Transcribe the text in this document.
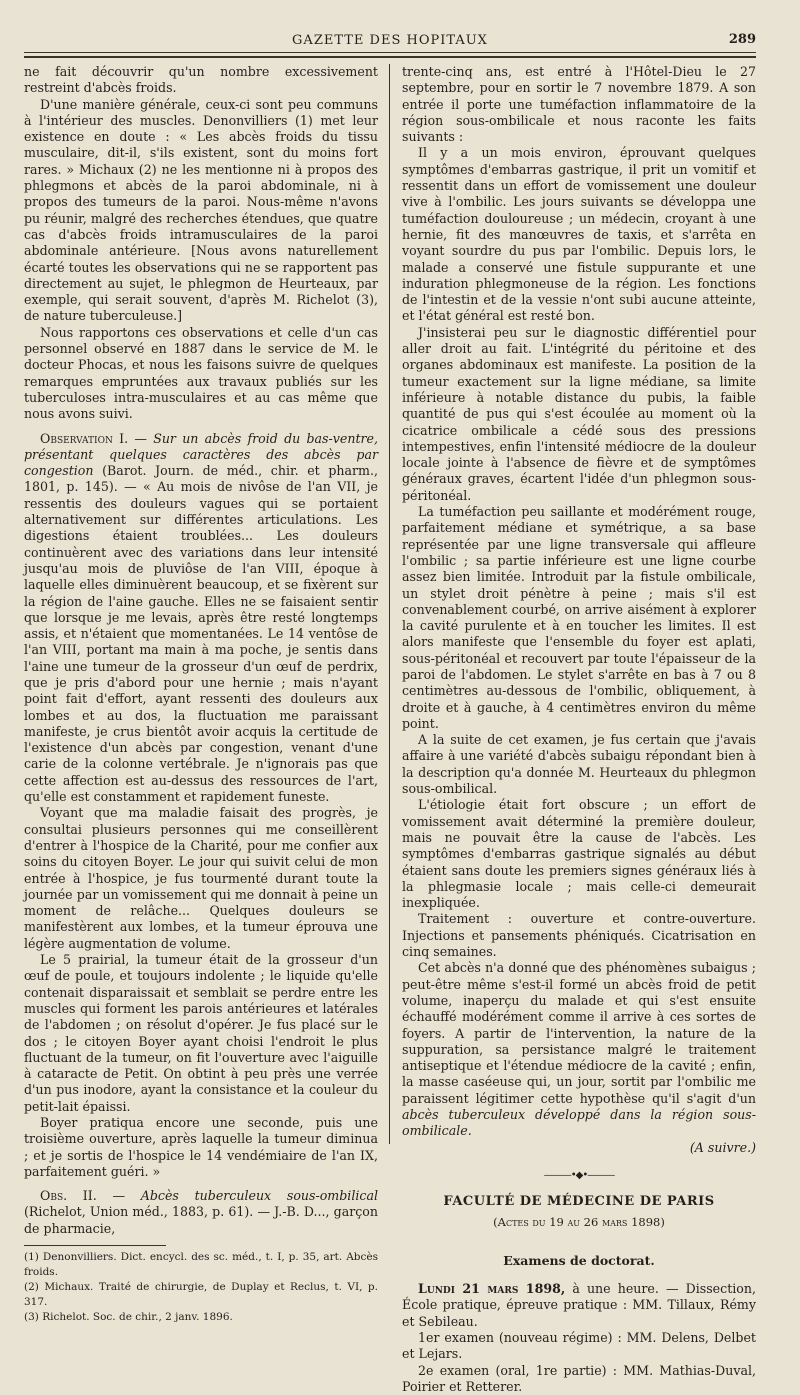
GAZETTE DES HOPITAUX	289

ne fait découvrir qu'un nombre excessivement restreint d'abcès froids.

D'une manière générale, ceux-ci sont peu communs à l'intérieur des muscles. Denonvilliers (1) met leur existence en doute : « Les abcès froids du tissu musculaire, dit-il, s'ils existent, sont du moins fort rares. » Michaux (2) ne les mentionne ni à propos des phlegmons et abcès de la paroi abdominale, ni à propos des tumeurs de la paroi. Nous-même n'avons pu réunir, malgré des recherches étendues, que quatre cas d'abcès froids intramusculaires de la paroi abdominale antérieure. [Nous avons naturellement écarté toutes les observations qui ne se rapportent pas directement au sujet, le phlegmon de Heurteaux, par exemple, qui serait souvent, d'après M. Richelot (3), de nature tuberculeuse.]

Nous rapportons ces observations et celle d'un cas personnel observé en 1887 dans le service de M. le docteur Phocas, et nous les faisons suivre de quelques remarques empruntées aux travaux publiés sur les tuberculoses intra-musculaires et au cas même que nous avons suivi.

Observation I. — Sur un abcès froid du bas-ventre, présentant quelques caractères des abcès par congestion (Barot. Journ. de méd., chir. et pharm., 1801, p. 145). — « Au mois de nivôse de l'an VII, je ressentis des douleurs vagues qui se portaient alternativement sur différentes articulations. Les digestions étaient troublées... Les douleurs continuèrent avec des variations dans leur intensité jusqu'au mois de pluviôse de l'an VIII, époque à laquelle elles diminuèrent beaucoup, et se fixèrent sur la région de l'aine gauche. Elles ne se faisaient sentir que lorsque je me levais, après être resté longtemps assis, et n'étaient que momentanées. Le 14 ventôse de l'an VIII, portant ma main à ma poche, je sentis dans l'aine une tumeur de la grosseur d'un œuf de perdrix, que je pris d'abord pour une hernie ; mais n'ayant point fait d'effort, ayant ressenti des douleurs aux lombes et au dos, la fluctuation me paraissant manifeste, je crus bientôt avoir acquis la certitude de l'existence d'un abcès par congestion, venant d'une carie de la colonne vertébrale. Je n'ignorais pas que cette affection est au-dessus des ressources de l'art, qu'elle est constamment et rapidement funeste.

Voyant que ma maladie faisait des progrès, je consultai plusieurs personnes qui me conseillèrent d'entrer à l'hospice de la Charité, pour me confier aux soins du citoyen Boyer. Le jour qui suivit celui de mon entrée à l'hospice, je fus tourmenté durant toute la journée par un vomissement qui me donnait à peine un moment de relâche... Quelques douleurs se manifestèrent aux lombes, et la tumeur éprouva une légère augmentation de volume.

Le 5 prairial, la tumeur était de la grosseur d'un œuf de poule, et toujours indolente ; le liquide qu'elle contenait disparaissait et semblait se perdre entre les muscles qui forment les parois antérieures et latérales de l'abdomen ; on résolut d'opérer. Je fus placé sur le dos ; le citoyen Boyer ayant choisi l'endroit le plus fluctuant de la tumeur, on fit l'ouverture avec l'aiguille à cataracte de Petit. On obtint à peu près une verrée d'un pus inodore, ayant la consistance et la couleur du petit-lait épaissi.

Boyer pratiqua encore une seconde, puis une troisième ouverture, après laquelle la tumeur diminua ; et je sortis de l'hospice le 14 vendémiaire de l'an IX, parfaitement guéri. »

Obs. II. — Abcès tuberculeux sous-ombilical (Richelot, Union méd., 1883, p. 61). — J.-B. D..., garçon de pharmacie,

(1) Denonvilliers. Dict. encycl. des sc. méd., t. I, p. 35, art. Abcès froids.
(2) Michaux. Traité de chirurgie, de Duplay et Reclus, t. VI, p. 317.
(3) Richelot. Soc. de chir., 2 janv. 1896.

trente-cinq ans, est entré à l'Hôtel-Dieu le 27 septembre, pour en sortir le 7 novembre 1879. A son entrée il porte une tuméfaction inflammatoire de la région sous-ombilicale et nous raconte les faits suivants :

Il y a un mois environ, éprouvant quelques symptômes d'embarras gastrique, il prit un vomitif et ressentit dans un effort de vomissement une douleur vive à l'ombilic. Les jours suivants se développa une tuméfaction douloureuse ; un médecin, croyant à une hernie, fit des manœuvres de taxis, et s'arrêta en voyant sourdre du pus par l'ombilic. Depuis lors, le malade a conservé une fistule suppurante et une induration phlegmoneuse de la région. Les fonctions de l'intestin et de la vessie n'ont subi aucune atteinte, et l'état général est resté bon.

J'insisterai peu sur le diagnostic différentiel pour aller droit au fait. L'intégrité du péritoine et des organes abdominaux est manifeste. La position de la tumeur exactement sur la ligne médiane, sa limite inférieure à notable distance du pubis, la faible quantité de pus qui s'est écoulée au moment où la cicatrice ombilicale a cédé sous des pressions intempestives, enfin l'intensité médiocre de la douleur locale jointe à l'absence de fièvre et de symptômes généraux graves, écartent l'idée d'un phlegmon sous-péritonéal.

La tuméfaction peu saillante et modérément rouge, parfaitement médiane et symétrique, a sa base représentée par une ligne transversale qui affleure l'ombilic ; sa partie inférieure est une ligne courbe assez bien limitée. Introduit par la fistule ombilicale, un stylet droit pénètre à peine ; mais s'il est convenablement courbé, on arrive aisément à explorer la cavité purulente et à en toucher les limites. Il est alors manifeste que l'ensemble du foyer est aplati, sous-péritonéal et recouvert par toute l'épaisseur de la paroi de l'abdomen. Le stylet s'arrête en bas à 7 ou 8 centimètres au-dessous de l'ombilic, obliquement, à droite et à gauche, à 4 centimètres environ du même point.

A la suite de cet examen, je fus certain que j'avais affaire à une variété d'abcès subaigu répondant bien à la description qu'a donnée M. Heurteaux du phlegmon sous-ombilical.

L'étiologie était fort obscure ; un effort de vomissement avait déterminé la première douleur, mais ne pouvait être la cause de l'abcès. Les symptômes d'embarras gastrique signalés au début étaient sans doute les premiers signes généraux liés à la phlegmasie locale ; mais celle-ci demeurait inexpliquée.

Traitement : ouverture et contre-ouverture. Injections et pansements phéniqués. Cicatrisation en cinq semaines.

Cet abcès n'a donné que des phénomènes subaigus ; peut-être même s'est-il formé un abcès froid de petit volume, inaperçu du malade et qui s'est ensuite échauffé modérément comme il arrive à ces sortes de foyers. A partir de l'intervention, la nature de la suppuration, sa persistance malgré le traitement antiseptique et l'étendue médiocre de la cavité ; enfin, la masse caséeuse qui, un jour, sortit par l'ombilic me paraissent légitimer cette hypothèse qu'il s'agit d'un abcès tuberculeux développé dans la région sous-ombilicale.

(A suivre.)

———•◆•———
FACULTÉ DE MÉDECINE DE PARIS
(Actes du 19 au 26 mars 1898)
Examens de doctorat.

Lundi 21 mars 1898, à une heure. — Dissection, École pratique, épreuve pratique : MM. Tillaux, Rémy et Sebileau.

1er examen (nouveau régime) : MM. Delens, Delbet et Lejars.

2e examen (oral, 1re partie) : MM. Mathias-Duval, Poirier et Retterer.
